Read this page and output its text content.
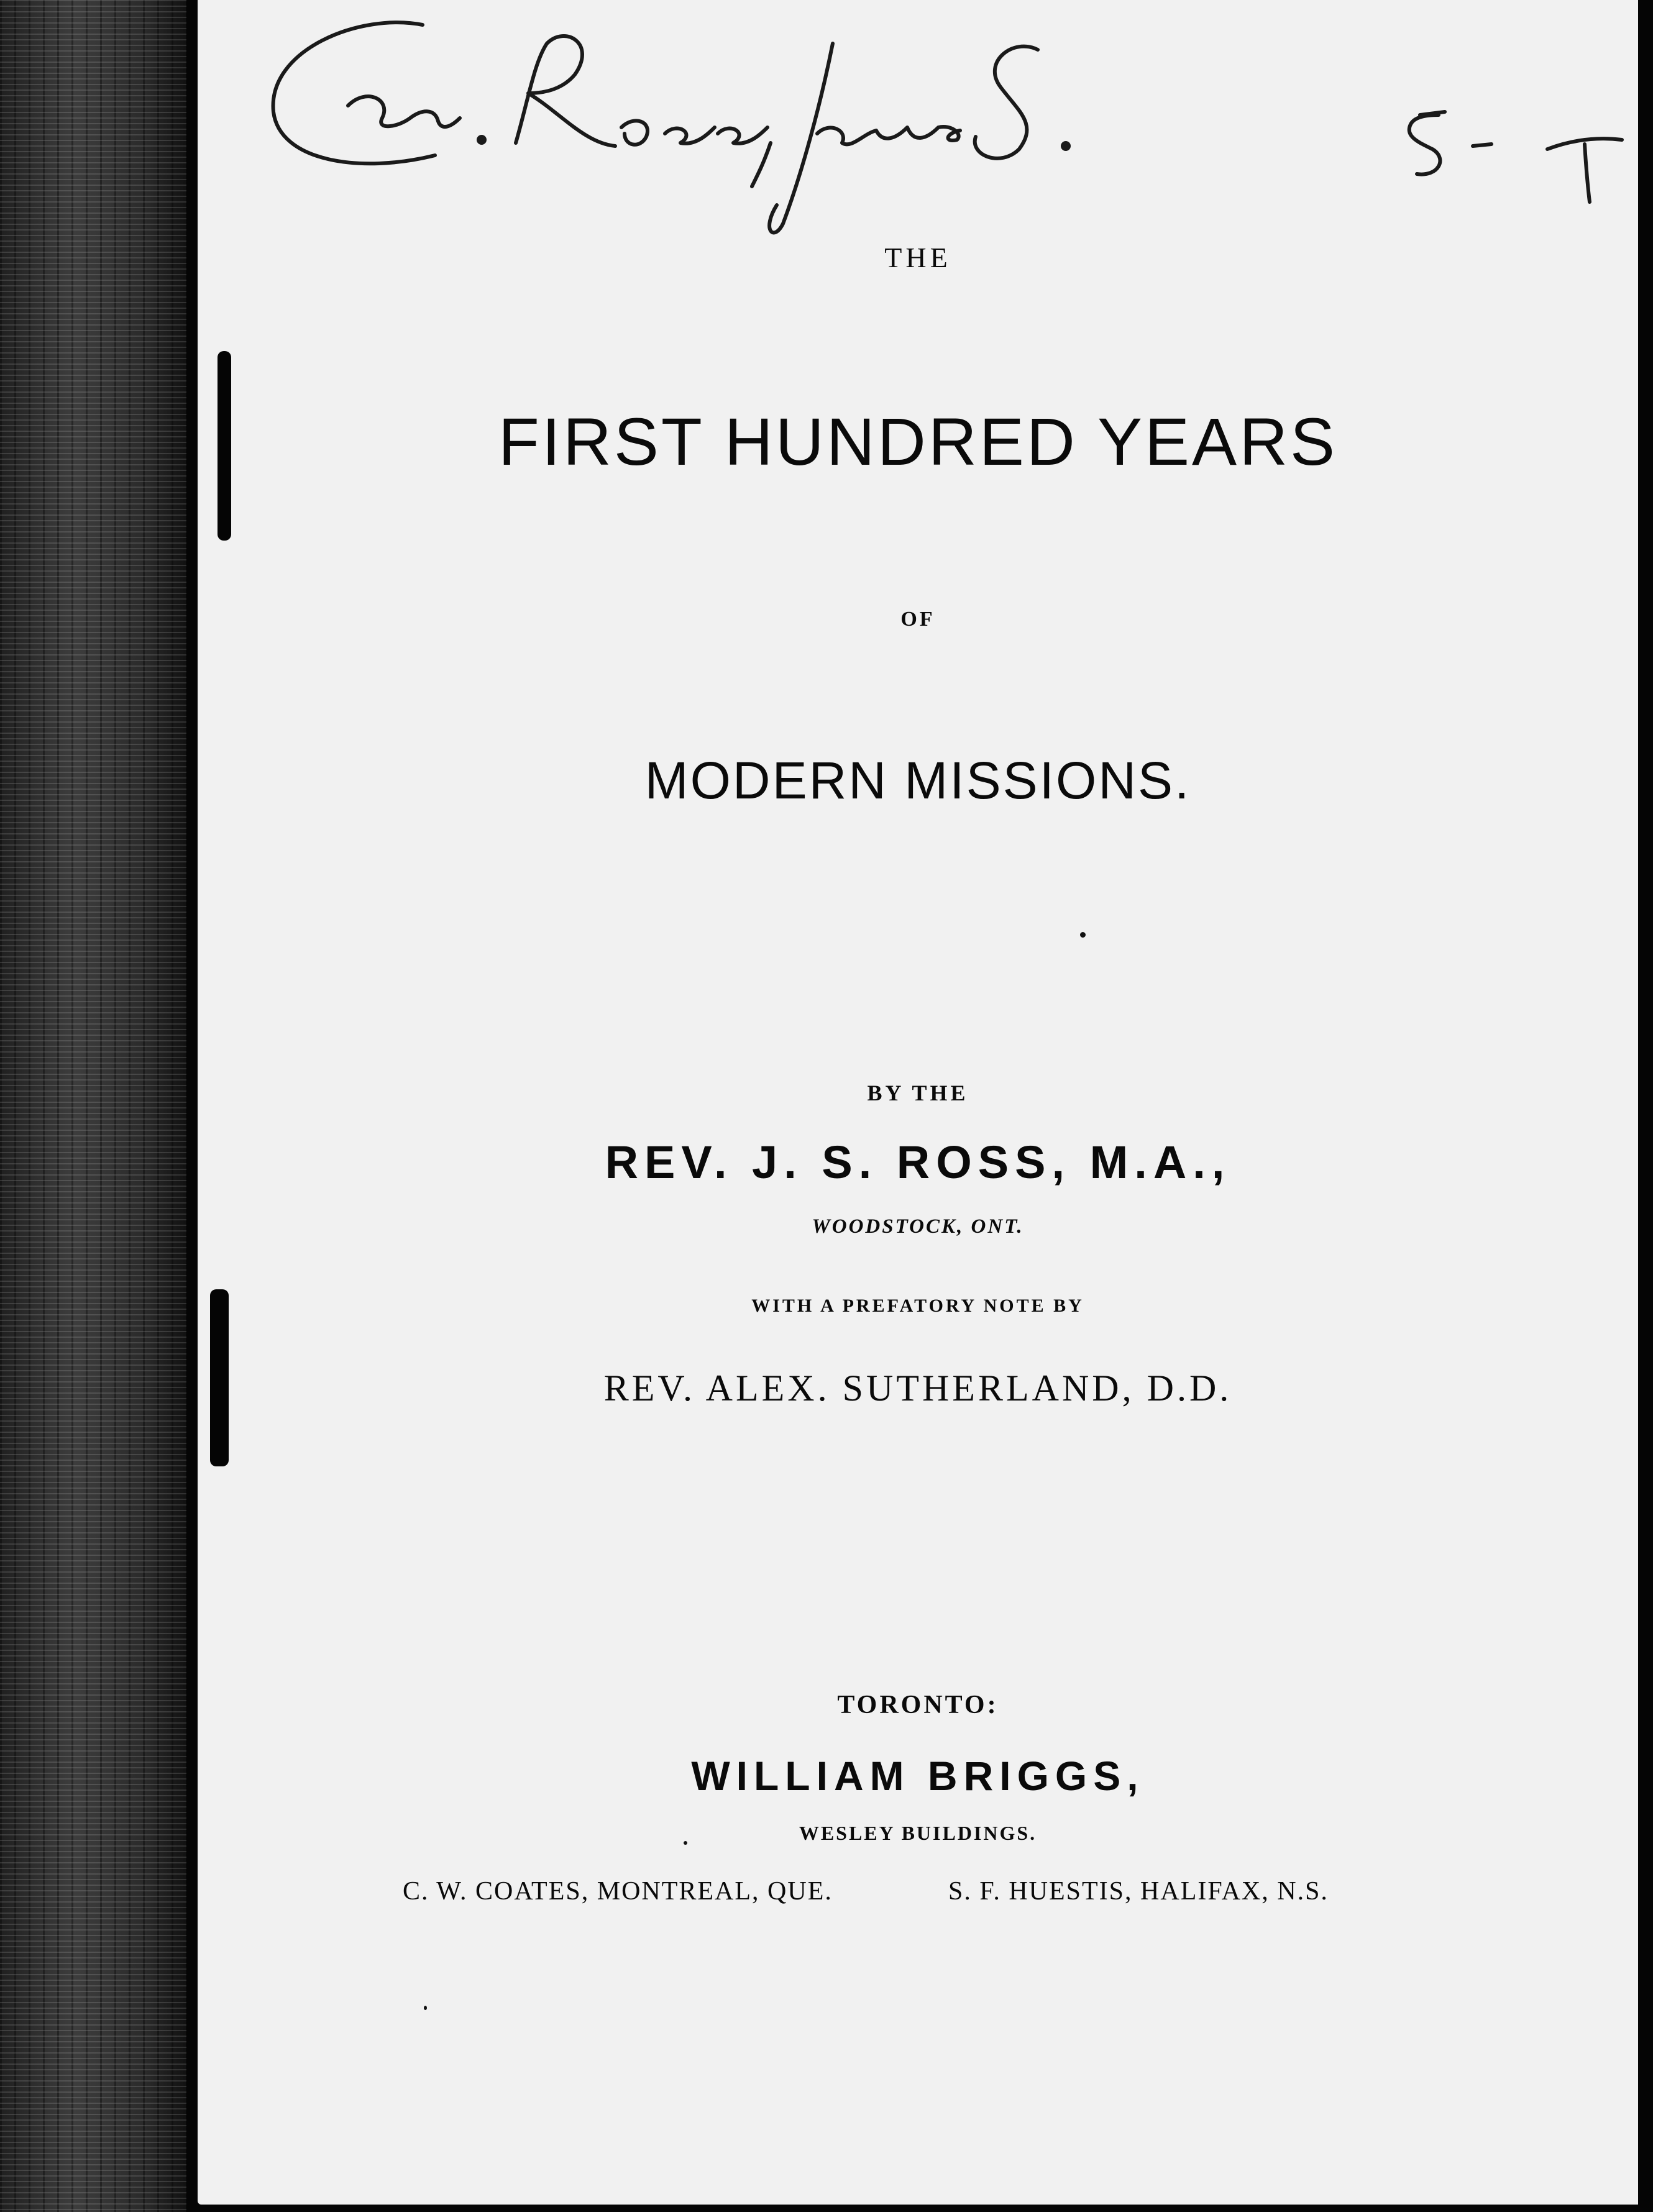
THE
FIRST HUNDRED YEARS
OF
MODERN MISSIONS.
BY THE
REV. J. S. ROSS, M.A.,
WOODSTOCK, ONT.
WITH A PREFATORY NOTE BY
REV. ALEX. SUTHERLAND, D.D.
TORONTO:
WILLIAM BRIGGS,
WESLEY BUILDINGS.
C. W. COATES, MONTREAL, QUE.	S. F. HUESTIS, HALIFAX, N.S.
